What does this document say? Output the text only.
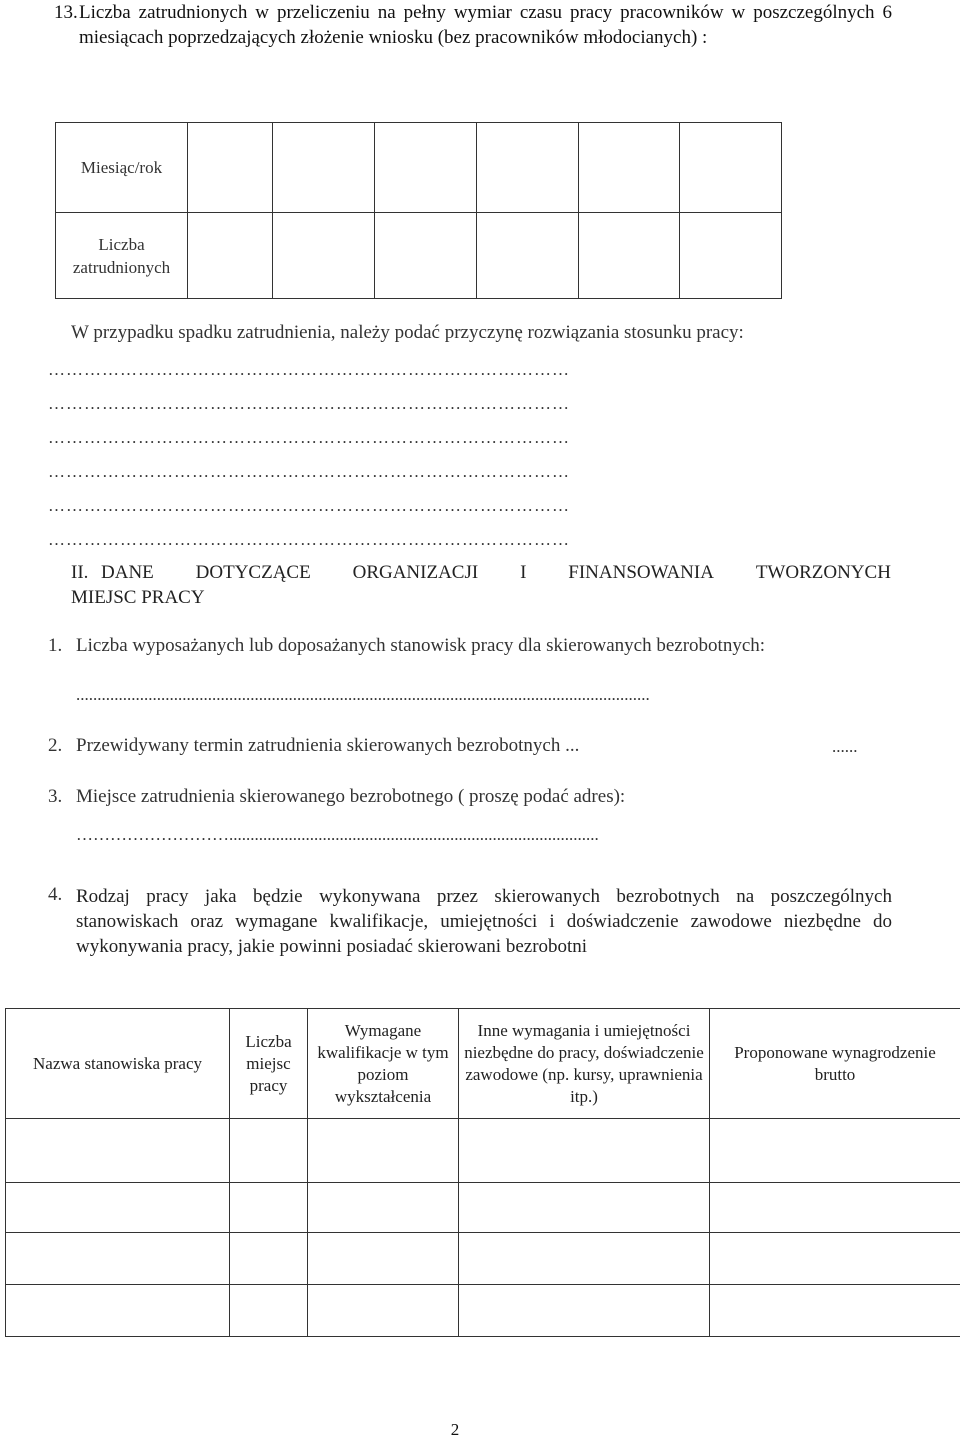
13. Liczba zatrudnionych w przeliczeniu na pełny wymiar czasu pracy pracowników w poszczególnych 6 miesiącach poprzedzających złożenie wniosku (bez pracowników młodocianych) :
Miesiąc/rok						
Liczba zatrudnionych						
W przypadku spadku zatrudnienia, należy podać przyczynę rozwiązania stosunku pracy:
……………………………………………………………………………
……………………………………………………………………………
……………………………………………………………………………
……………………………………………………………………………
……………………………………………………………………………
……………………………………………………………………………
II. DANE DOTYCZĄCE ORGANIZACJI I FINANSOWANIA TWORZONYCH
MIEJSC PRACY
1. Liczba wyposażanych lub doposażanych stanowisk pracy dla skierowanych bezrobotnych:
.......................................................................................................................................
2. Przewidywany termin zatrudnienia skierowanych bezrobotnych ...	......
3. Miejsce zatrudnienia skierowanego bezrobotnego ( proszę podać adres):
……………………….......................................................................................
4. Rodzaj pracy jaka będzie wykonywana przez skierowanych bezrobotnych na poszczególnych stanowiskach oraz wymagane kwalifikacje, umiejętności i doświadczenie zawodowe niezbędne do wykonywania pracy, jakie powinni posiadać skierowani bezrobotni
Nazwa stanowiska pracy	Liczba miejsc pracy	Wymagane kwalifikacje w tym poziom wykształcenia	Inne wymagania i umiejętności niezbędne do pracy, doświadczenie zawodowe (np. kursy, uprawnienia itp.)	Proponowane wynagrodzenie brutto

2
